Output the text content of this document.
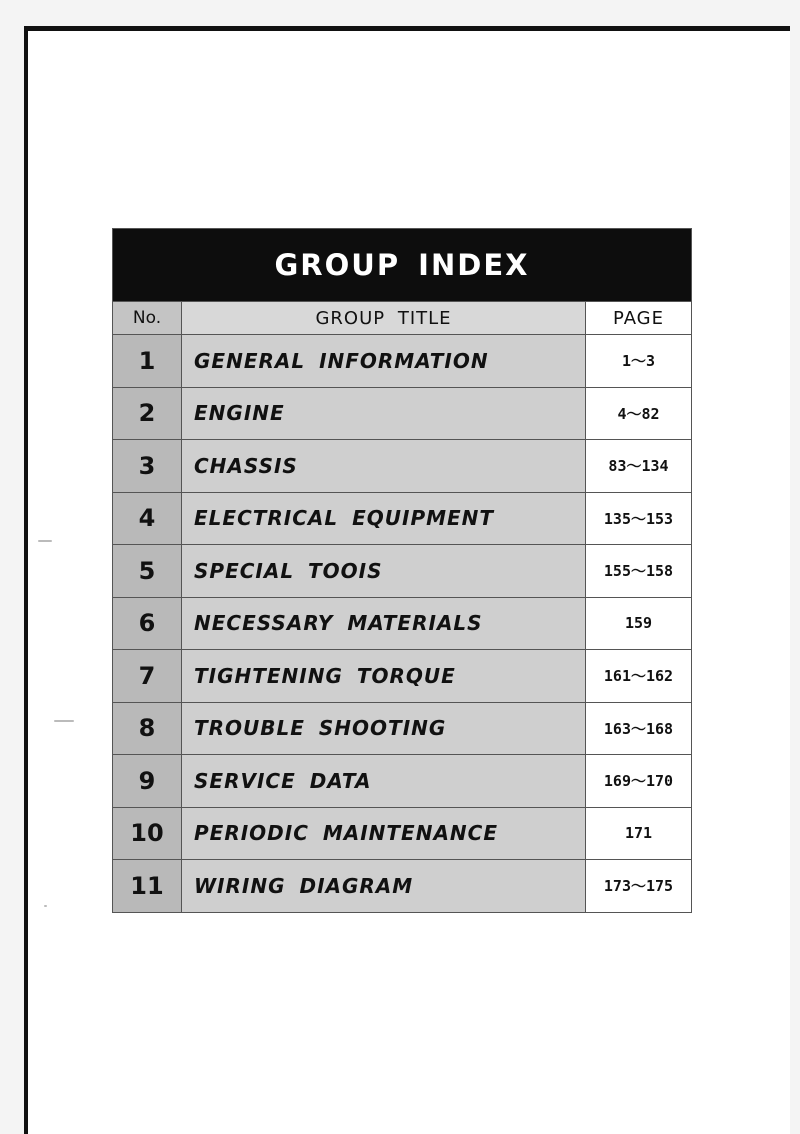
GROUP INDEX		
No.	GROUP TITLE	PAGE
1	GENERAL INFORMATION	1～3
2	ENGINE	4～82
3	CHASSIS	83～134
4	ELECTRICAL EQUIPMENT	135～153
5	SPECIAL TOOIS	155～158
6	NECESSARY MATERIALS	159
7	TIGHTENING TORQUE	161～162
8	TROUBLE SHOOTING	163～168
9	SERVICE DATA	169～170
10	PERIODIC MAINTENANCE	171
11	WIRING DIAGRAM	173～175
